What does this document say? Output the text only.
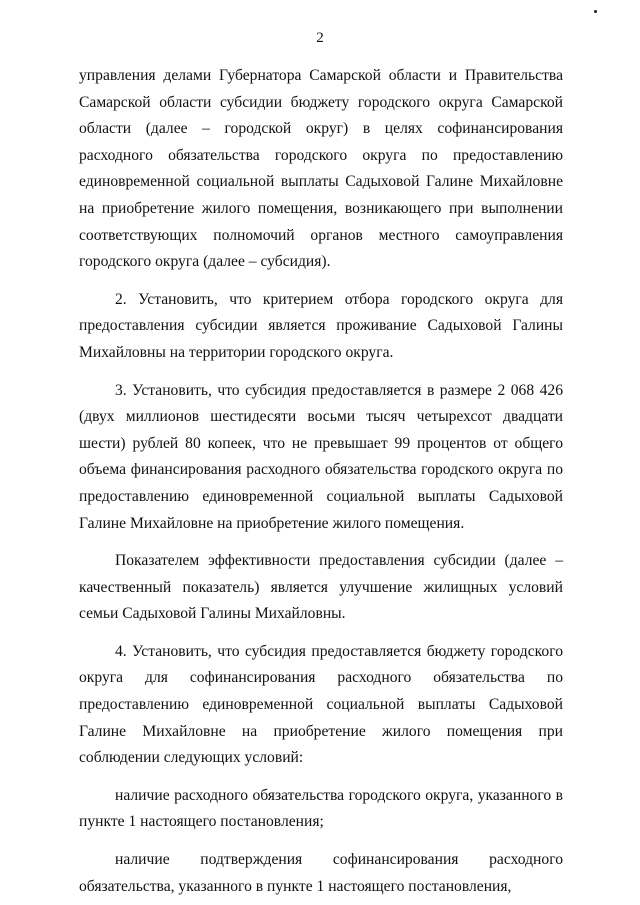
2

управления делами Губернатора Самарской области и Правительства Самарской области субсидии бюджету городского округа Самарской области (далее – городской округ) в целях софинансирования расходного обязательства городского округа по предоставлению единовременной социальной выплаты Садыховой Галине Михайловне на приобретение жилого помещения, возникающего при выполнении соответствующих полномочий органов местного самоуправления городского округа (далее – субсидия).

2. Установить, что критерием отбора городского округа для предоставления субсидии является проживание Садыховой Галины Михайловны на территории городского округа.

3. Установить, что субсидия предоставляется в размере 2 068 426 (двух миллионов шестидесяти восьми тысяч четырехсот двадцати шести) рублей 80 копеек, что не превышает 99 процентов от общего объема финансирования расходного обязательства городского округа по предоставлению единовременной социальной выплаты Садыховой Галине Михайловне на приобретение жилого помещения.

Показателем эффективности предоставления субсидии (далее – качественный показатель) является улучшение жилищных условий семьи Садыховой Галины Михайловны.

4. Установить, что субсидия предоставляется бюджету городского округа для софинансирования расходного обязательства по предоставлению единовременной социальной выплаты Садыховой Галине Михайловне на приобретение жилого помещения при соблюдении следующих условий:

наличие расходного обязательства городского округа, указанного в пункте 1 настоящего постановления;

наличие подтверждения софинансирования расходного обязательства, указанного в пункте 1 настоящего постановления,
